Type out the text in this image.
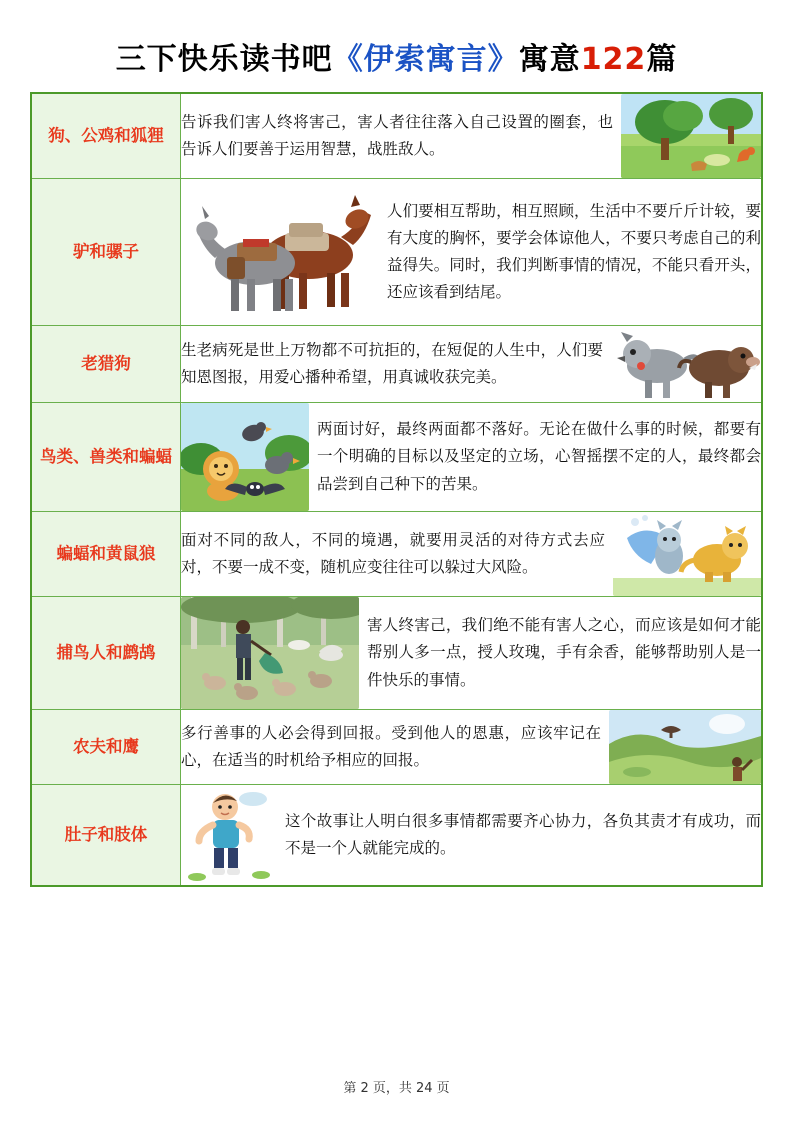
三下快乐读书吧《伊索寓言》寓意122篇
狗、公鸡和狐狸	告诉我们害人终将害己，害人者往往落入自己设置的圈套，也告诉人们要善于运用智慧，战胜敌人。

驴和骡子	人们要相互帮助，相互照顾，生活中不要斤斤计较，要有大度的胸怀，要学会体谅他人，不要只考虑自己的利益得失。同时，我们判断事情的情况，不能只看开头，还应该看到结尾。

老猎狗	生老病死是世上万物都不可抗拒的，在短促的人生中，人们要知恩图报，用爱心播种希望，用真诚收获完美。

鸟类、兽类和蝙蝠	两面讨好，最终两面都不落好。无论在做什么事的时候，都要有一个明确的目标以及坚定的立场，心智摇摆不定的人，最终都会品尝到自己种下的苦果。

蝙蝠和黄鼠狼	面对不同的敌人，不同的境遇，就要用灵活的对待方式去应对，不要一成不变，随机应变往往可以躲过大风险。

捕鸟人和鹧鸪	害人终害己，我们绝不能有害人之心，而应该是如何才能帮别人多一点，授人玫瑰，手有余香，能够帮助别人是一件快乐的事情。

农夫和鹰	多行善事的人必会得到回报。受到他人的恩惠，应该牢记在心，在适当的时机给予相应的回报。

肚子和肢体	这个故事让人明白很多事情都需要齐心协力，各负其责才有成功，而不是一个人就能完成的。
第 2 页，共 24 页
